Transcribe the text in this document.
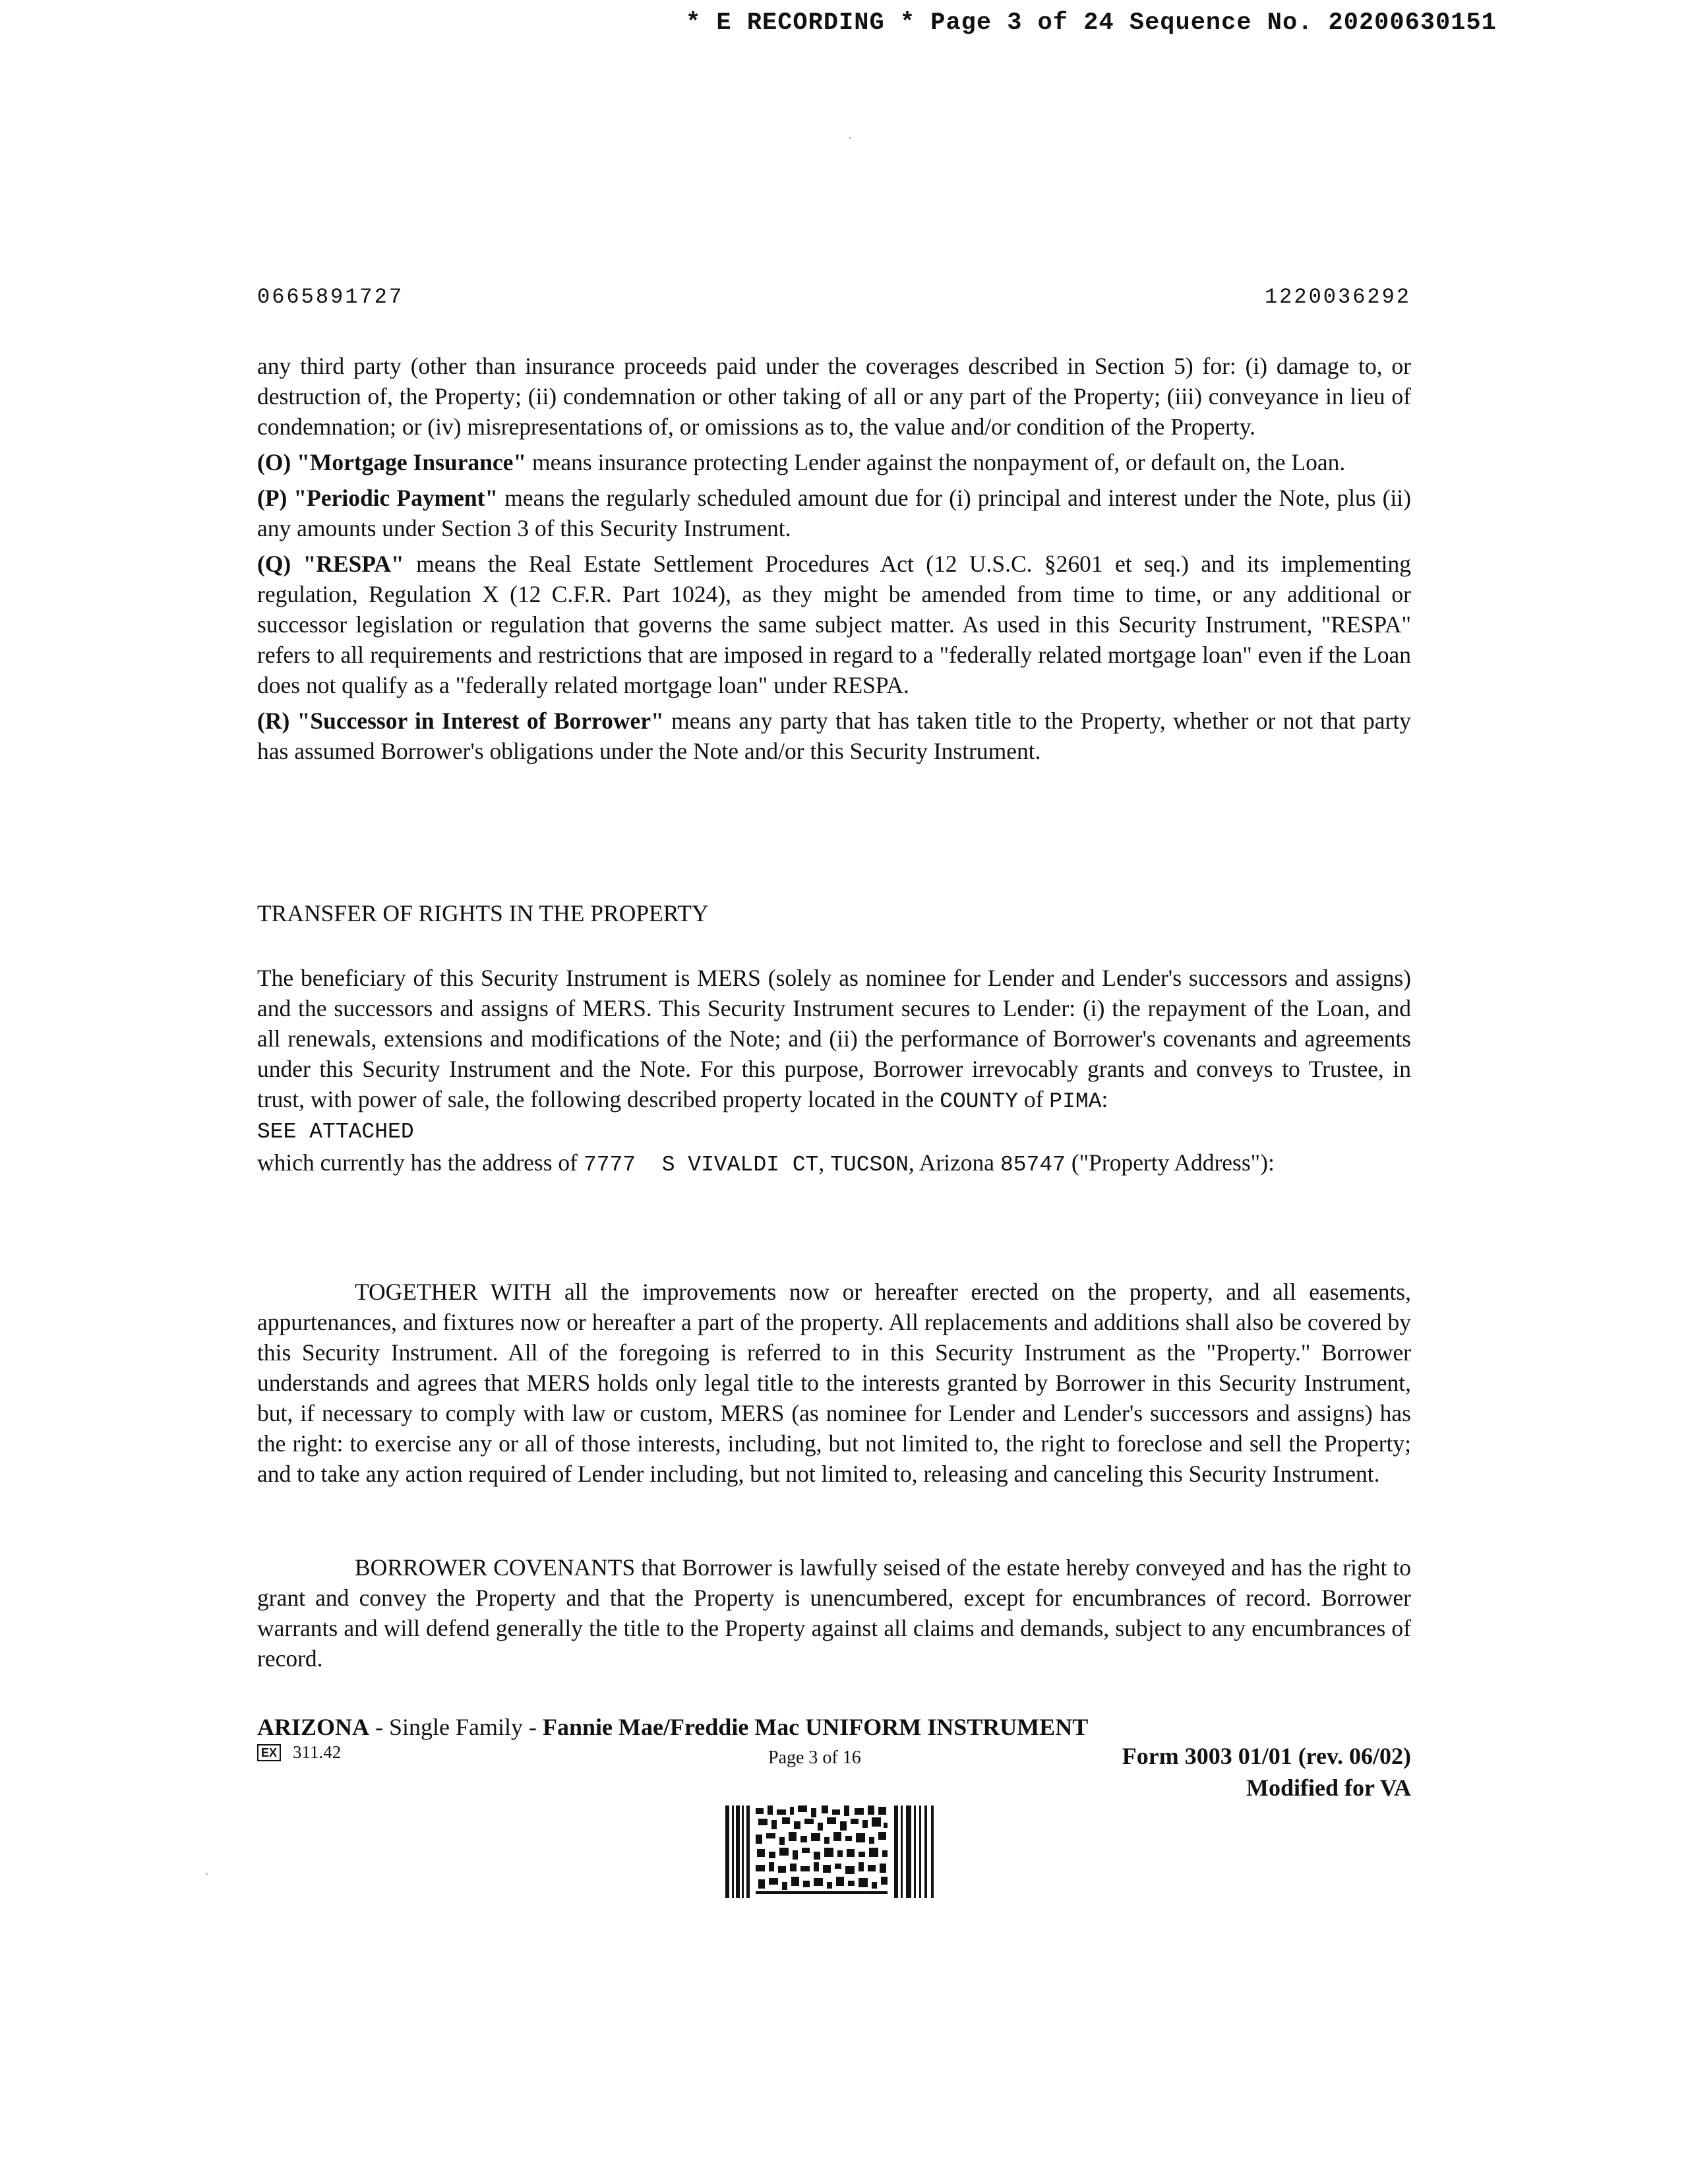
* E RECORDING * Page 3 of 24 Sequence No. 20200630151
0665891727	1220036292

any third party (other than insurance proceeds paid under the coverages described in Section 5) for: (i) damage to, or destruction of, the Property; (ii) condemnation or other taking of all or any part of the Property; (iii) conveyance in lieu of condemnation; or (iv) misrepresentations of, or omissions as to, the value and/or condition of the Property.

(O) "Mortgage Insurance" means insurance protecting Lender against the nonpayment of, or default on, the Loan.

(P) "Periodic Payment" means the regularly scheduled amount due for (i) principal and interest under the Note, plus (ii) any amounts under Section 3 of this Security Instrument.

(Q) "RESPA" means the Real Estate Settlement Procedures Act (12 U.S.C. §2601 et seq.) and its implementing regulation, Regulation X (12 C.F.R. Part 1024), as they might be amended from time to time, or any additional or successor legislation or regulation that governs the same subject matter. As used in this Security Instrument, "RESPA" refers to all requirements and restrictions that are imposed in regard to a "federally related mortgage loan" even if the Loan does not qualify as a "federally related mortgage loan" under RESPA.

(R) "Successor in Interest of Borrower" means any party that has taken title to the Property, whether or not that party has assumed Borrower's obligations under the Note and/or this Security Instrument.

TRANSFER OF RIGHTS IN THE PROPERTY
The beneficiary of this Security Instrument is MERS (solely as nominee for Lender and Lender's successors and assigns) and the successors and assigns of MERS. This Security Instrument secures to Lender: (i) the repayment of the Loan, and all renewals, extensions and modifications of the Note; and (ii) the performance of Borrower's covenants and agreements under this Security Instrument and the Note. For this purpose, Borrower irrevocably grants and conveys to Trustee, in trust, with power of sale, the following described property located in the COUNTY of PIMA:
SEE ATTACHED
which currently has the address of 7777  S VIVALDI CT, TUCSON, Arizona 85747 ("Property Address"):
TOGETHER WITH all the improvements now or hereafter erected on the property, and all easements, appurtenances, and fixtures now or hereafter a part of the property. All replacements and additions shall also be covered by this Security Instrument. All of the foregoing is referred to in this Security Instrument as the "Property." Borrower understands and agrees that MERS holds only legal title to the interests granted by Borrower in this Security Instrument, but, if necessary to comply with law or custom, MERS (as nominee for Lender and Lender's successors and assigns) has the right: to exercise any or all of those interests, including, but not limited to, the right to foreclose and sell the Property; and to take any action required of Lender including, but not limited to, releasing and canceling this Security Instrument.
BORROWER COVENANTS that Borrower is lawfully seised of the estate hereby conveyed and has the right to grant and convey the Property and that the Property is unencumbered, except for encumbrances of record. Borrower warrants and will defend generally the title to the Property against all claims and demands, subject to any encumbrances of record.
ARIZONA - Single Family - Fannie Mae/Freddie Mac UNIFORM INSTRUMENT
EX 311.42	Page 3 of 16	Form 3003 01/01 (rev. 06/02)
Modified for VA
